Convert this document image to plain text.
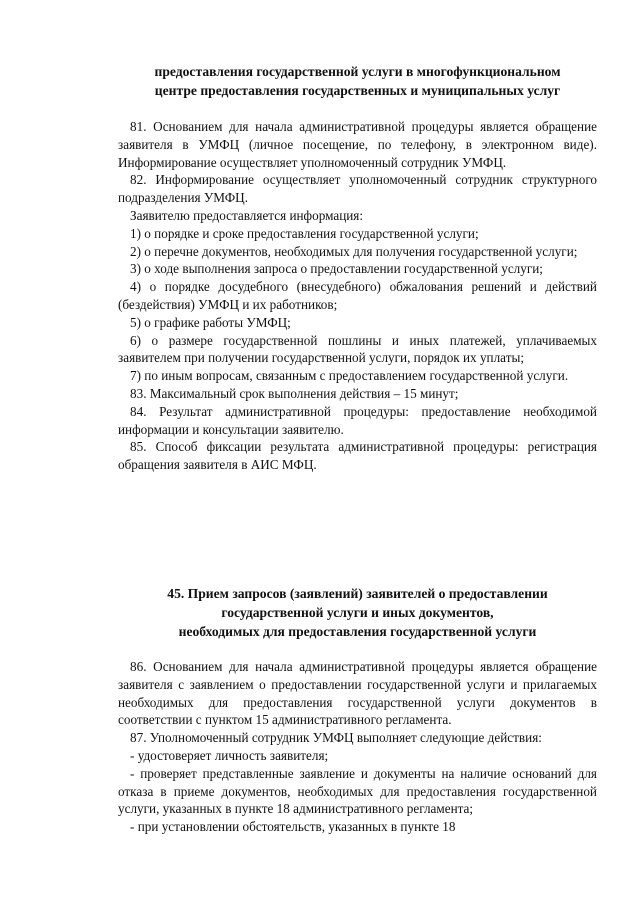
предоставления государственной услуги в многофункциональном

центре предоставления государственных и муниципальных услуг

81. Основанием для начала административной процедуры является обращение заявителя в УМФЦ (личное посещение, по телефону, в электронном виде). Информирование осуществляет уполномоченный сотрудник УМФЦ.

82. Информирование осуществляет уполномоченный сотрудник структурного подразделения УМФЦ.

Заявителю предоставляется информация:

1) о порядке и сроке предоставления государственной услуги;

2) о перечне документов, необходимых для получения государственной услуги;

3) о ходе выполнения запроса о предоставлении государственной услуги;

4) о порядке досудебного (внесудебного) обжалования решений и действий (бездействия) УМФЦ и их работников;

5) о графике работы УМФЦ;

6) о размере государственной пошлины и иных платежей, уплачиваемых заявителем при получении государственной услуги, порядок их уплаты;

7) по иным вопросам, связанным с предоставлением государственной услуги.

83. Максимальный срок выполнения действия – 15 минут;

84. Результат административной процедуры: предоставление необходимой информации и консультации заявителю.

85. Способ фиксации результата административной процедуры: регистрация обращения заявителя в АИС МФЦ.

45. Прием запросов (заявлений) заявителей о предоставлении

государственной услуги и иных документов,

необходимых для предоставления государственной услуги

86. Основанием для начала административной процедуры является обращение заявителя с заявлением о предоставлении государственной услуги и прилагаемых необходимых для предоставления государственной услуги документов в соответствии с пунктом 15 административного регламента.

87. Уполномоченный сотрудник УМФЦ выполняет следующие действия:

- удостоверяет личность заявителя;

- проверяет представленные заявление и документы на наличие оснований для отказа в приеме документов, необходимых для предоставления государственной услуги, указанных в пункте 18 административного регламента;

- при установлении обстоятельств, указанных в пункте 18
